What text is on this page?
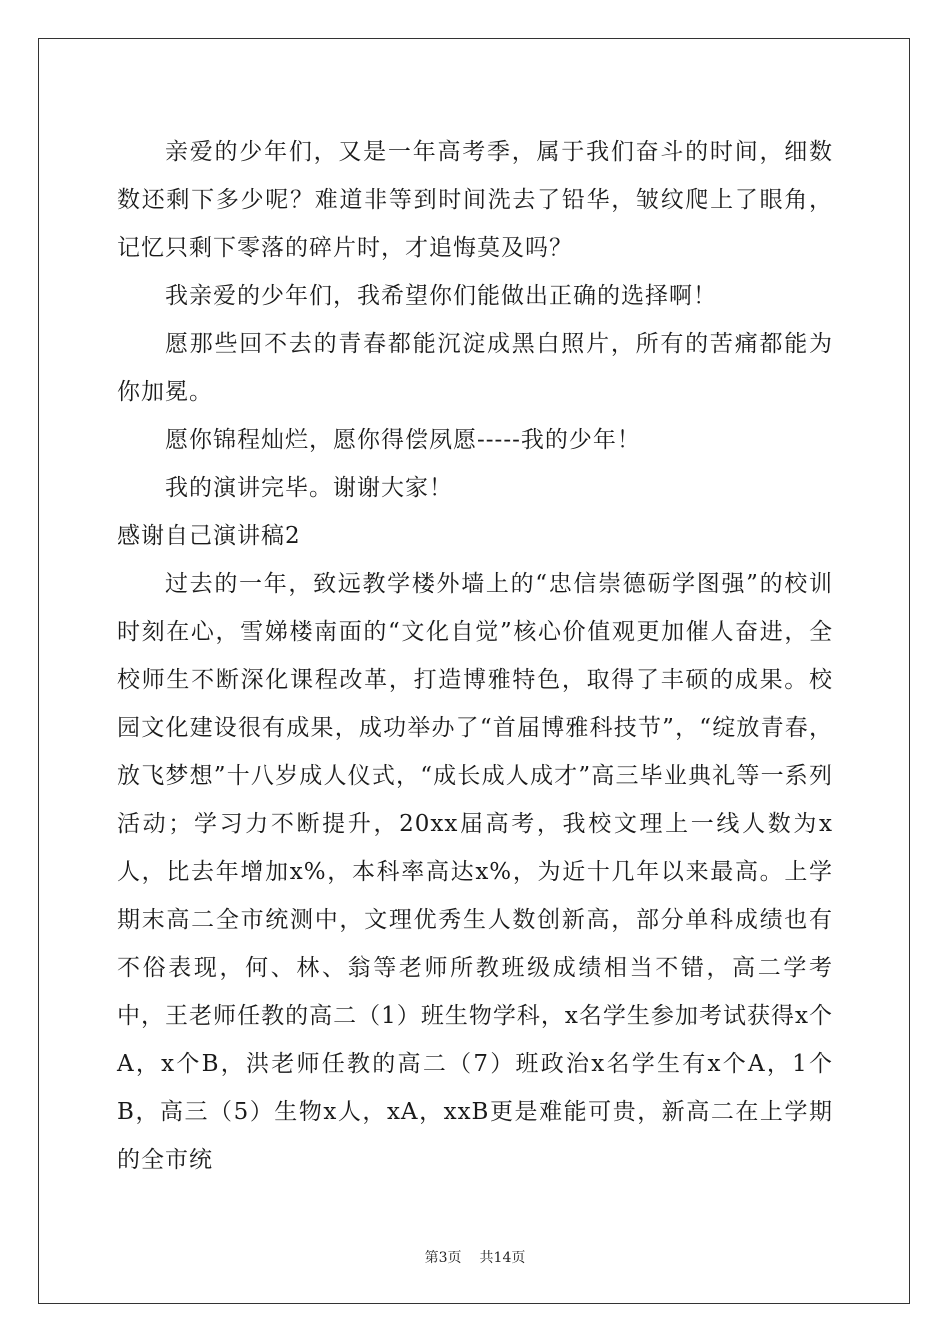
亲爱的少年们，又是一年高考季，属于我们奋斗的时间，细数数还剩下多少呢？难道非等到时间洗去了铅华，皱纹爬上了眼角，记忆只剩下零落的碎片时，才追悔莫及吗？

我亲爱的少年们，我希望你们能做出正确的选择啊！

愿那些回不去的青春都能沉淀成黑白照片，所有的苦痛都能为你加冕。

愿你锦程灿烂，愿你得偿夙愿-----我的少年！

我的演讲完毕。谢谢大家！

感谢自己演讲稿2

过去的一年，致远教学楼外墙上的“忠信崇德砺学图强”的校训时刻在心，雪娣楼南面的“文化自觉”核心价值观更加催人奋进，全校师生不断深化课程改革，打造博雅特色，取得了丰硕的成果。校园文化建设很有成果，成功举办了“首届博雅科技节”，“绽放青春，放飞梦想”十八岁成人仪式，“成长成人成才”高三毕业典礼等一系列活动；学习力不断提升，20xx届高考，我校文理上一线人数为x人，比去年增加x%，本科率高达x%，为近十几年以来最高。上学期末高二全市统测中，文理优秀生人数创新高，部分单科成绩也有不俗表现，何、林、翁等老师所教班级成绩相当不错，高二学考中，王老师任教的高二（1）班生物学科，x名学生参加考试获得x个A，x个B，洪老师任教的高二（7）班政治x名学生有x个A，1个B，高三（5）生物x人，xA，xxB更是难能可贵，新高二在上学期的全市统

第3页 共14页
